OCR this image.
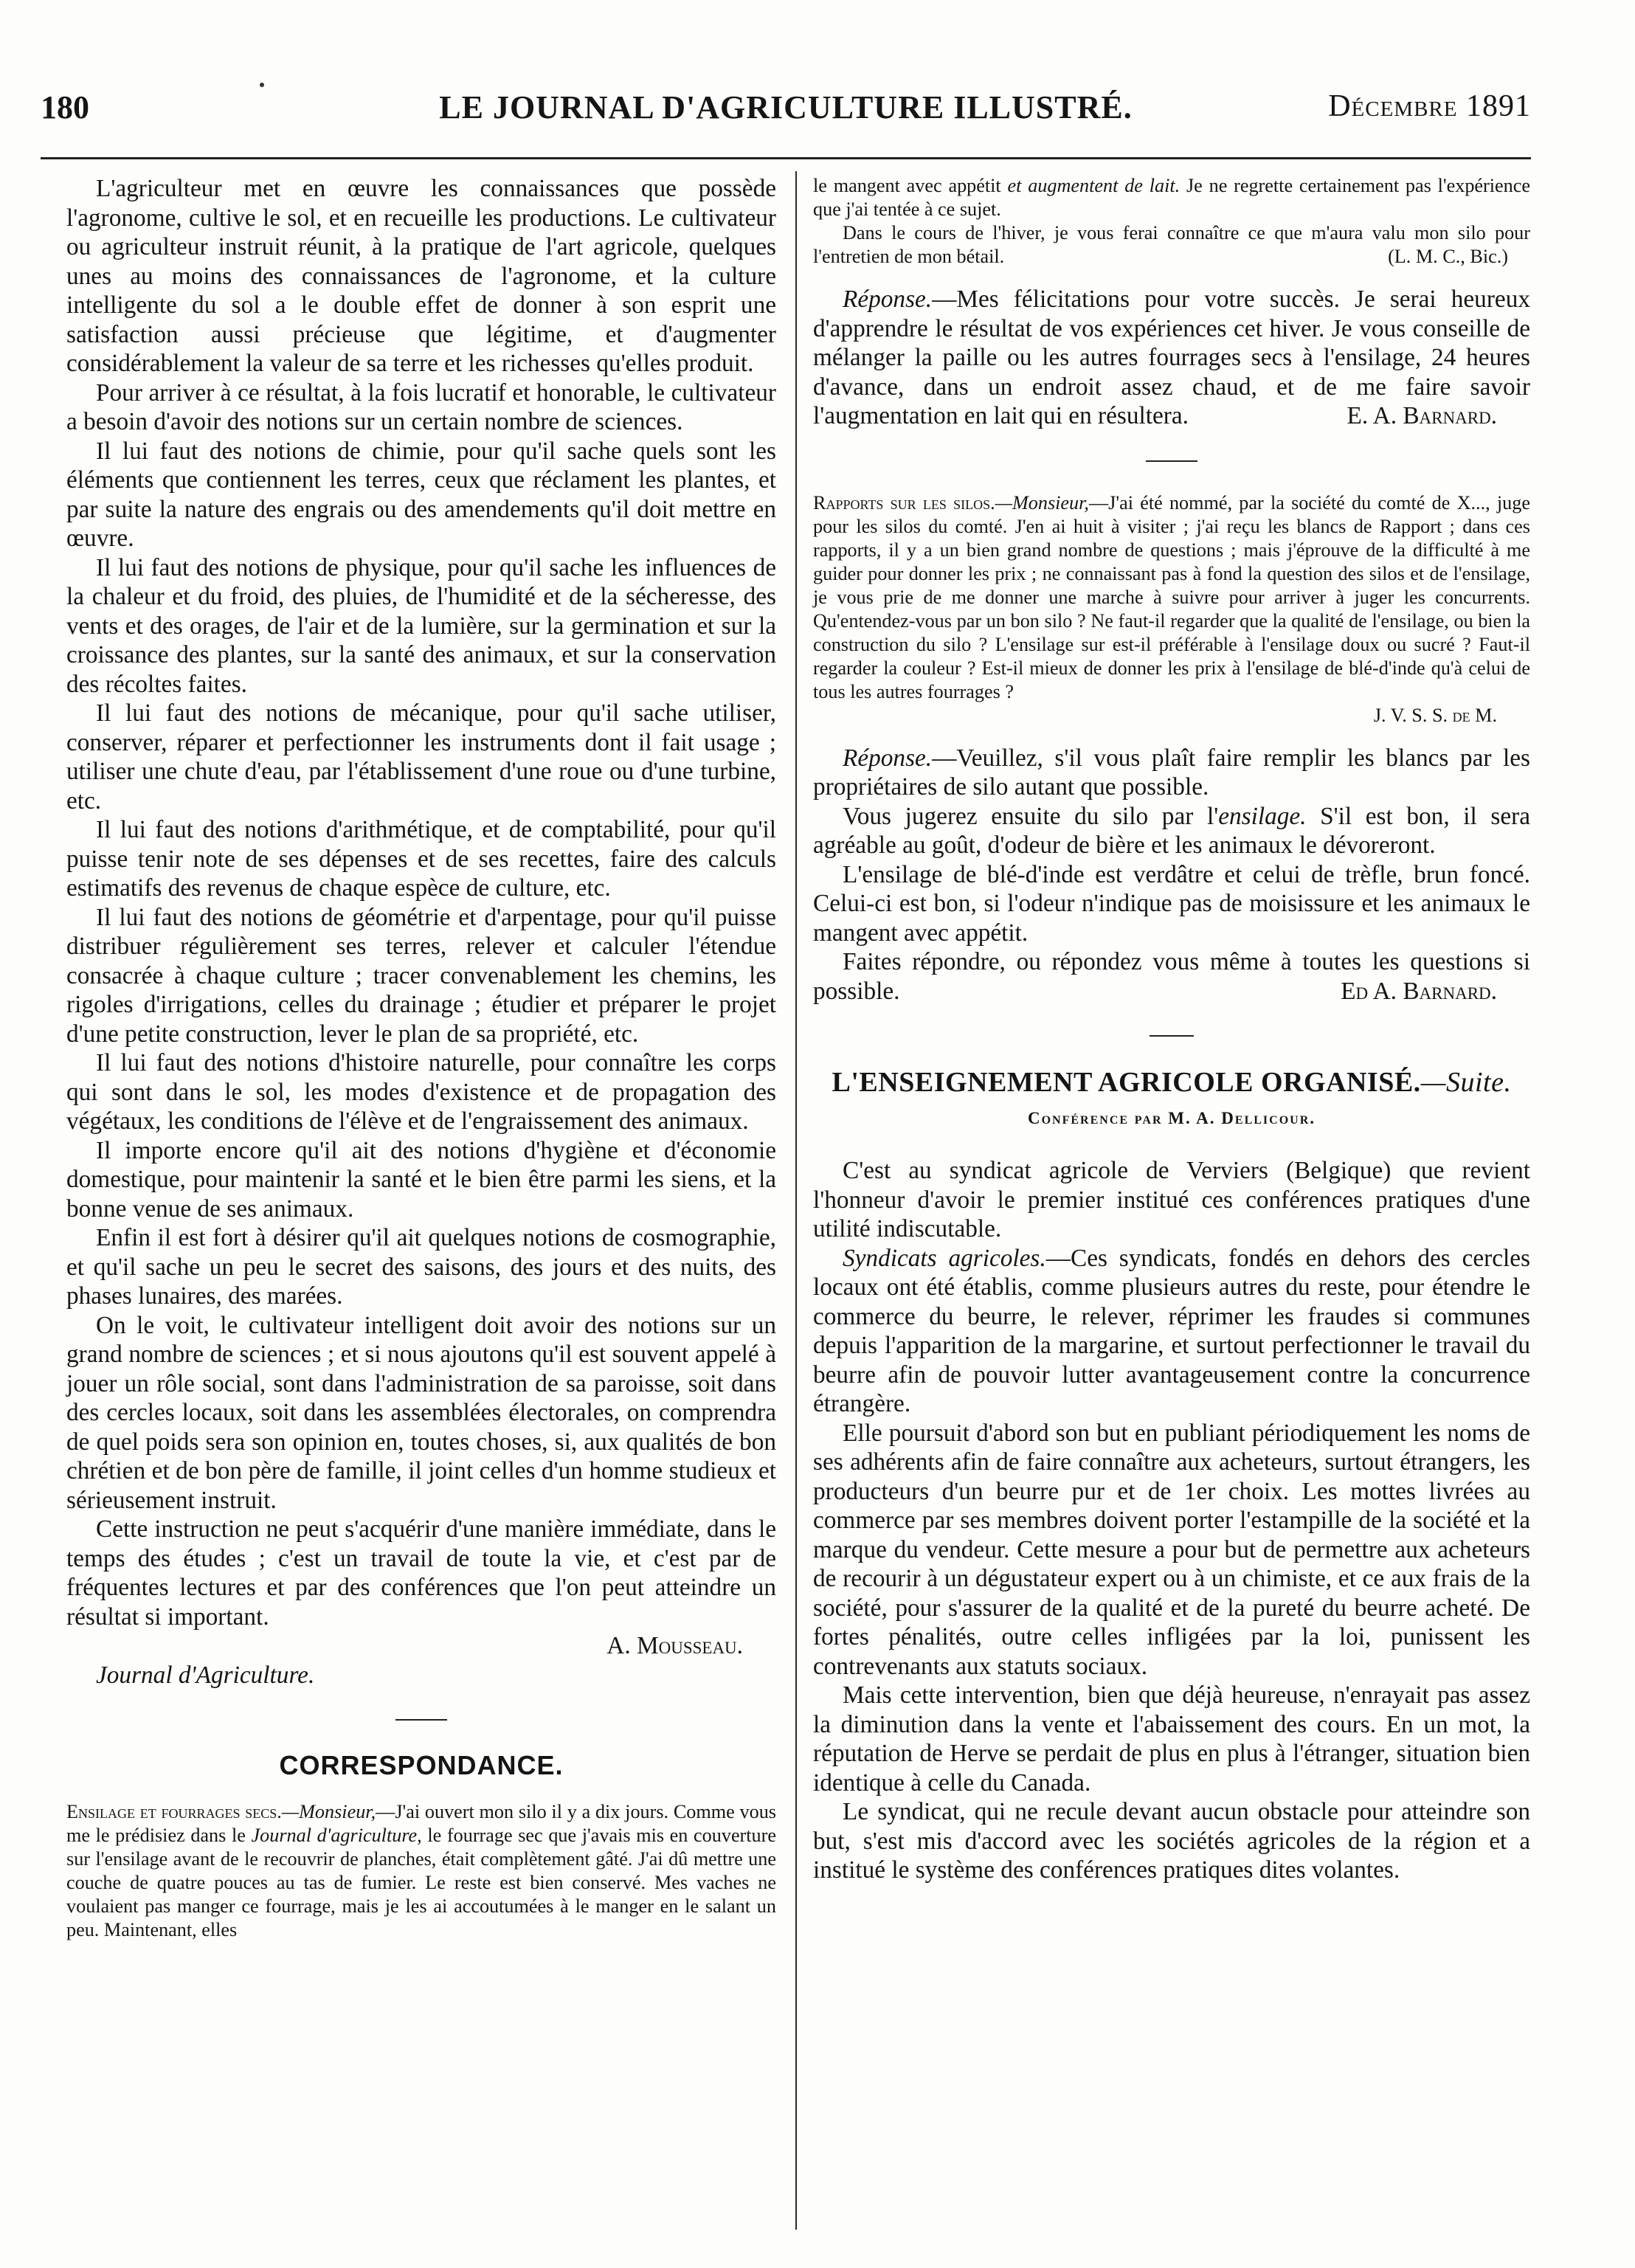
180	LE JOURNAL D'AGRICULTURE ILLUSTRÉ.	Décembre 1891

L'agriculteur met en œuvre les connaissances que possède l'agronome, cultive le sol, et en recueille les productions. Le cultivateur ou agriculteur instruit réunit, à la pratique de l'art agricole, quelques unes au moins des connaissances de l'agronome, et la culture intelligente du sol a le double effet de donner à son esprit une satisfaction aussi précieuse que légitime, et d'augmenter considérablement la valeur de sa terre et les richesses qu'elles produit.

Pour arriver à ce résultat, à la fois lucratif et honorable, le cultivateur a besoin d'avoir des notions sur un certain nombre de sciences.

Il lui faut des notions de chimie, pour qu'il sache quels sont les éléments que contiennent les terres, ceux que réclament les plantes, et par suite la nature des engrais ou des amendements qu'il doit mettre en œuvre.

Il lui faut des notions de physique, pour qu'il sache les influences de la chaleur et du froid, des pluies, de l'humidité et de la sécheresse, des vents et des orages, de l'air et de la lumière, sur la germination et sur la croissance des plantes, sur la santé des animaux, et sur la conservation des récoltes faites.

Il lui faut des notions de mécanique, pour qu'il sache utiliser, conserver, réparer et perfectionner les instruments dont il fait usage ; utiliser une chute d'eau, par l'établissement d'une roue ou d'une turbine, etc.

Il lui faut des notions d'arithmétique, et de comptabilité, pour qu'il puisse tenir note de ses dépenses et de ses recettes, faire des calculs estimatifs des revenus de chaque espèce de culture, etc.

Il lui faut des notions de géométrie et d'arpentage, pour qu'il puisse distribuer régulièrement ses terres, relever et calculer l'étendue consacrée à chaque culture ; tracer convenablement les chemins, les rigoles d'irrigations, celles du drainage ; étudier et préparer le projet d'une petite construction, lever le plan de sa propriété, etc.

Il lui faut des notions d'histoire naturelle, pour connaître les corps qui sont dans le sol, les modes d'existence et de propagation des végétaux, les conditions de l'élève et de l'engraissement des animaux.

Il importe encore qu'il ait des notions d'hygiène et d'économie domestique, pour maintenir la santé et le bien être parmi les siens, et la bonne venue de ses animaux.

Enfin il est fort à désirer qu'il ait quelques notions de cosmographie, et qu'il sache un peu le secret des saisons, des jours et des nuits, des phases lunaires, des marées.

On le voit, le cultivateur intelligent doit avoir des notions sur un grand nombre de sciences ; et si nous ajoutons qu'il est souvent appelé à jouer un rôle social, sont dans l'administration de sa paroisse, soit dans des cercles locaux, soit dans les assemblées électorales, on comprendra de quel poids sera son opinion en, toutes choses, si, aux qualités de bon chrétien et de bon père de famille, il joint celles d'un homme studieux et sérieusement instruit.

Cette instruction ne peut s'acquérir d'une manière immédiate, dans le temps des études ; c'est un travail de toute la vie, et c'est par de fréquentes lectures et par des conférences que l'on peut atteindre un résultat si important.

A. Mousseau.

Journal d'Agriculture.

CORRESPONDANCE.

Ensilage et fourrages secs.—Monsieur,—J'ai ouvert mon silo il y a dix jours. Comme vous me le prédisiez dans le Journal d'agriculture, le fourrage sec que j'avais mis en couverture sur l'ensilage avant de le recouvrir de planches, était complètement gâté. J'ai dû mettre une couche de quatre pouces au tas de fumier. Le reste est bien conservé. Mes vaches ne voulaient pas manger ce fourrage, mais je les ai accoutumées à le manger en le salant un peu. Maintenant, elles

le mangent avec appétit et augmentent de lait. Je ne regrette certainement pas l'expérience que j'ai tentée à ce sujet.

Dans le cours de l'hiver, je vous ferai connaître ce que m'aura valu mon silo pour l'entretien de mon bétail.	(L. M. C., Bic.)

Réponse.—Mes félicitations pour votre succès. Je serai heureux d'apprendre le résultat de vos expériences cet hiver. Je vous conseille de mélanger la paille ou les autres fourrages secs à l'ensilage, 24 heures d'avance, dans un endroit assez chaud, et de me faire savoir l'augmentation en lait qui en résultera.	E. A. Barnard.

Rapports sur les silos.—Monsieur,—J'ai été nommé, par la société du comté de X..., juge pour les silos du comté. J'en ai huit à visiter ; j'ai reçu les blancs de Rapport ; dans ces rapports, il y a un bien grand nombre de questions ; mais j'éprouve de la difficulté à me guider pour donner les prix ; ne connaissant pas à fond la question des silos et de l'ensilage, je vous prie de me donner une marche à suivre pour arriver à juger les concurrents. Qu'entendez-vous par un bon silo ? Ne faut-il regarder que la qualité de l'ensilage, ou bien la construction du silo ? L'ensilage sur est-il préférable à l'ensilage doux ou sucré ? Faut-il regarder la couleur ? Est-il mieux de donner les prix à l'ensilage de blé-d'inde qu'à celui de tous les autres fourrages ?

J. V. S. S. de M.

Réponse.—Veuillez, s'il vous plaît faire remplir les blancs par les propriétaires de silo autant que possible.

Vous jugerez ensuite du silo par l'ensilage. S'il est bon, il sera agréable au goût, d'odeur de bière et les animaux le dévoreront.

L'ensilage de blé-d'inde est verdâtre et celui de trèfle, brun foncé. Celui-ci est bon, si l'odeur n'indique pas de moisissure et les animaux le mangent avec appétit.

Faites répondre, ou répondez vous même à toutes les questions si possible.	Ed A. Barnard.

L'ENSEIGNEMENT AGRICOLE ORGANISÉ.—Suite.
Conférence par M. A. Dellicour.

C'est au syndicat agricole de Verviers (Belgique) que revient l'honneur d'avoir le premier institué ces conférences pratiques d'une utilité indiscutable.

Syndicats agricoles.—Ces syndicats, fondés en dehors des cercles locaux ont été établis, comme plusieurs autres du reste, pour étendre le commerce du beurre, le relever, réprimer les fraudes si communes depuis l'apparition de la margarine, et surtout perfectionner le travail du beurre afin de pouvoir lutter avantageusement contre la concurrence étrangère.

Elle poursuit d'abord son but en publiant périodiquement les noms de ses adhérents afin de faire connaître aux acheteurs, surtout étrangers, les producteurs d'un beurre pur et de 1er choix. Les mottes livrées au commerce par ses membres doivent porter l'estampille de la société et la marque du vendeur. Cette mesure a pour but de permettre aux acheteurs de recourir à un dégustateur expert ou à un chimiste, et ce aux frais de la société, pour s'assurer de la qualité et de la pureté du beurre acheté. De fortes pénalités, outre celles infligées par la loi, punissent les contrevenants aux statuts sociaux.

Mais cette intervention, bien que déjà heureuse, n'enrayait pas assez la diminution dans la vente et l'abaissement des cours. En un mot, la réputation de Herve se perdait de plus en plus à l'étranger, situation bien identique à celle du Canada.

Le syndicat, qui ne recule devant aucun obstacle pour atteindre son but, s'est mis d'accord avec les sociétés agricoles de la région et a institué le système des conférences pratiques dites volantes.
